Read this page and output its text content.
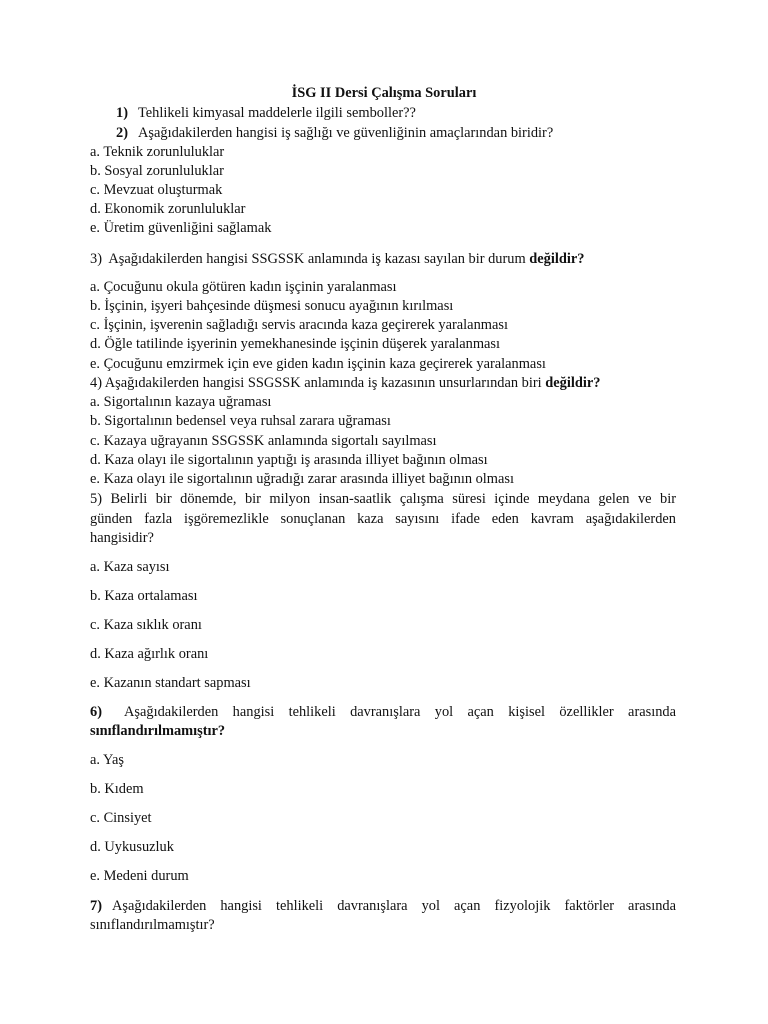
İSG II Dersi Çalışma Soruları
1) Tehlikeli kimyasal maddelerle ilgili semboller??
2) Aşağıdakilerden hangisi iş sağlığı ve güvenliğinin amaçlarından biridir?
a. Teknik zorunluluklar
b. Sosyal zorunluluklar
c. Mevzuat oluşturmak
d. Ekonomik zorunluluklar
e. Üretim güvenliğini sağlamak
3)  Aşağıdakilerden hangisi SSGSSK anlamında iş kazası sayılan bir durum değildir?
a. Çocuğunu okula götüren kadın işçinin yaralanması
b. İşçinin, işyeri bahçesinde düşmesi sonucu ayağının kırılması
c. İşçinin, işverenin sağladığı servis aracında kaza geçirerek yaralanması
d. Öğle tatilinde işyerinin yemekhanesinde işçinin düşerek yaralanması
e. Çocuğunu emzirmek için eve giden kadın işçinin kaza geçirerek yaralanması
4) Aşağıdakilerden hangisi SSGSSK anlamında iş kazasının unsurlarından biri değildir?
a. Sigortalının kazaya uğraması
b. Sigortalının bedensel veya ruhsal zarara uğraması
c. Kazaya uğrayanın SSGSSK anlamında sigortalı sayılması
d. Kaza olayı ile sigortalının yaptığı iş arasında illiyet bağının olması
e. Kaza olayı ile sigortalının uğradığı zarar arasında illiyet bağının olması
5) Belirli bir dönemde, bir milyon insan-saatlik çalışma süresi içinde meydana gelen ve bir
günden fazla işgöremezlikle sonuçlanan kaza sayısını ifade eden kavram aşağıdakilerden
hangisidir?
a. Kaza sayısı
b. Kaza ortalaması
c. Kaza sıklık oranı
d. Kaza ağırlık oranı
e. Kazanın standart sapması
6)	Aşağıdakilerden hangisi tehlikeli davranışlara yol açan kişisel özellikler arasında
sınıflandırılmamıştır?
a. Yaş
b. Kıdem
c. Cinsiyet
d. Uykusuzluk
e. Medeni durum
7) Aşağıdakilerden hangisi tehlikeli davranışlara yol açan fizyolojik faktörler arasında
sınıflandırılmamıştır?
